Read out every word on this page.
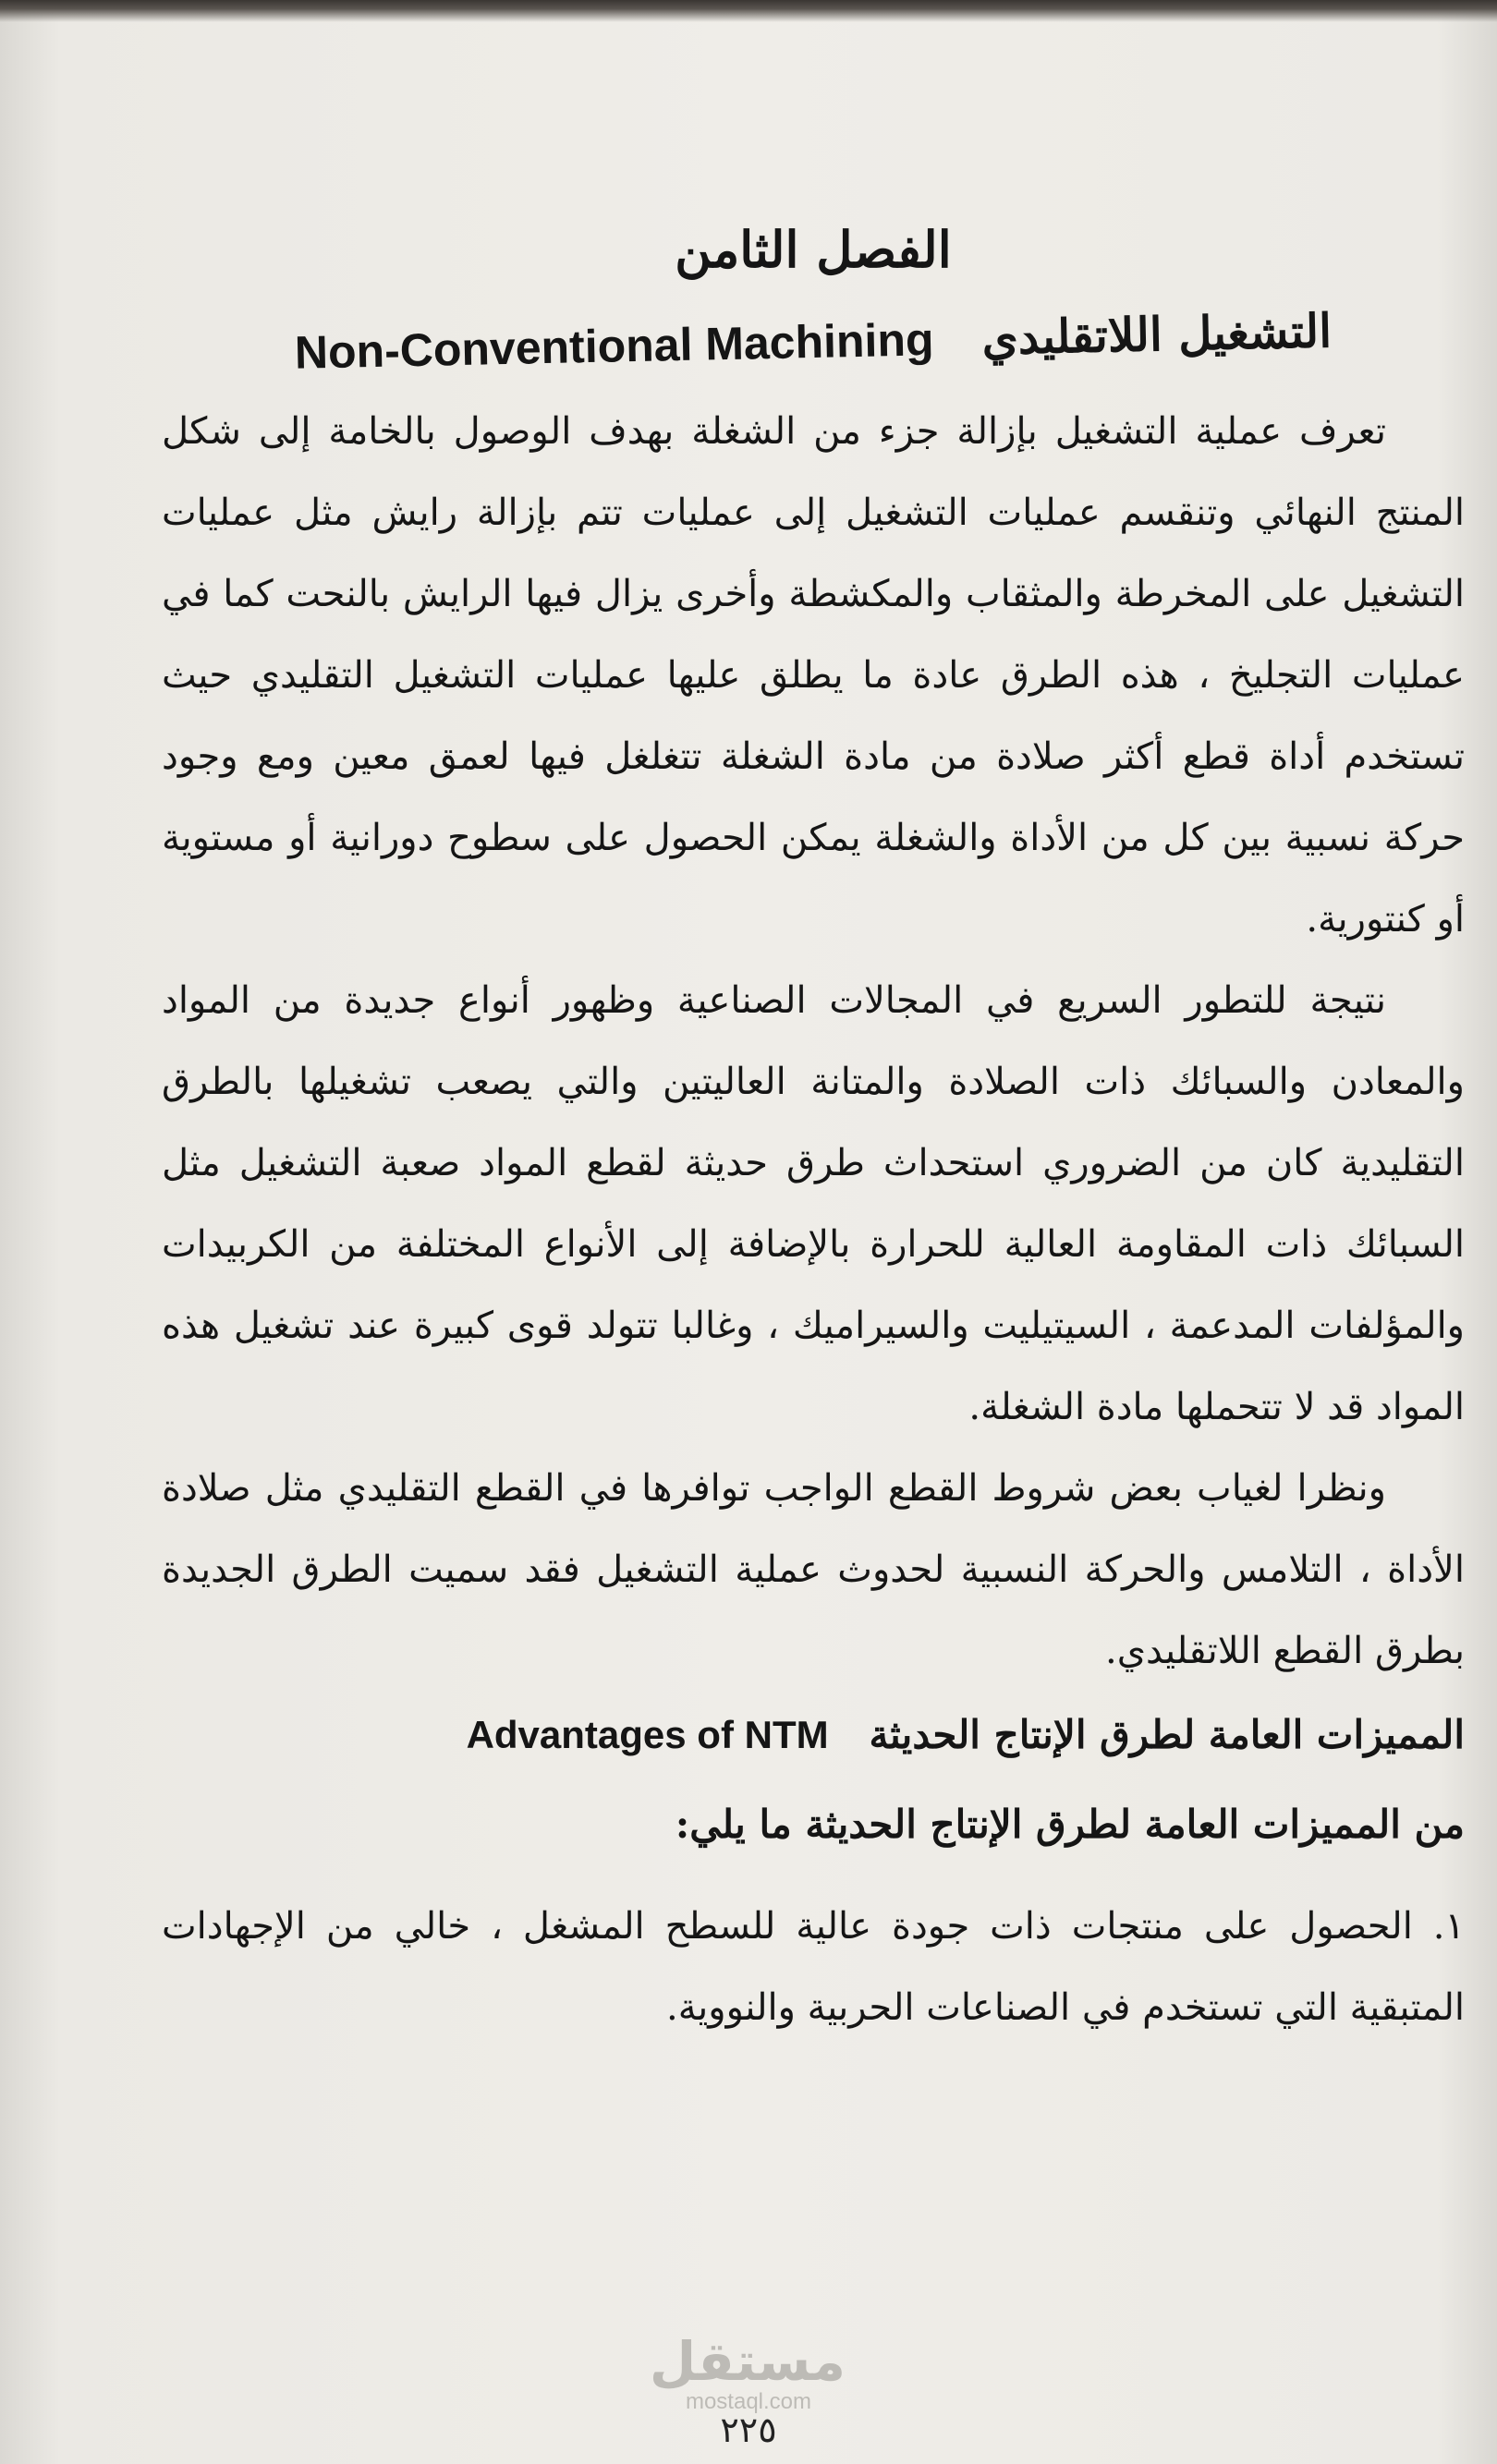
الفصل الثامن
التشغيل اللاتقليدي   Non-Conventional Machining

تعرف عملية التشغيل بإزالة جزء من الشغلة بهدف الوصول بالخامة إلى شكل المنتج النهائي وتنقسم عمليات التشغيل إلى عمليات تتم بإزالة رايش مثل عمليات التشغيل على المخرطة والمثقاب والمكشطة وأخرى يزال فيها الرايش بالنحت كما في عمليات التجليخ ، هذه الطرق عادة ما يطلق عليها عمليات التشغيل التقليدي حيث تستخدم أداة قطع أكثر صلادة من مادة الشغلة تتغلغل فيها لعمق معين ومع وجود حركة نسبية بين كل من الأداة والشغلة يمكن الحصول على سطوح دورانية أو مستوية أو كنتورية.

نتيجة للتطور السريع في المجالات الصناعية وظهور أنواع جديدة من المواد والمعادن والسبائك ذات الصلادة والمتانة العاليتين والتي يصعب تشغيلها بالطرق التقليدية كان من الضروري استحداث طرق حديثة لقطع المواد صعبة التشغيل مثل السبائك ذات المقاومة العالية للحرارة بالإضافة إلى الأنواع المختلفة من الكربيدات والمؤلفات المدعمة ، السيتيليت والسيراميك ، وغالبا تتولد قوى كبيرة عند تشغيل هذه المواد قد لا تتحملها مادة الشغلة.

ونظرا لغياب بعض شروط القطع الواجب توافرها في القطع التقليدي مثل صلادة الأداة ، التلامس والحركة النسبية لحدوث عملية التشغيل فقد سميت الطرق الجديدة بطرق القطع اللاتقليدي.

المميزات العامة لطرق الإنتاج الحديثة   Advantages of NTM

من المميزات العامة لطرق الإنتاج الحديثة ما يلي:

١. الحصول على منتجات ذات جودة عالية للسطح المشغل ، خالي من الإجهادات المتبقية التي تستخدم في الصناعات الحربية والنووية.

مستقل
mostaql.com
٢٢٥
